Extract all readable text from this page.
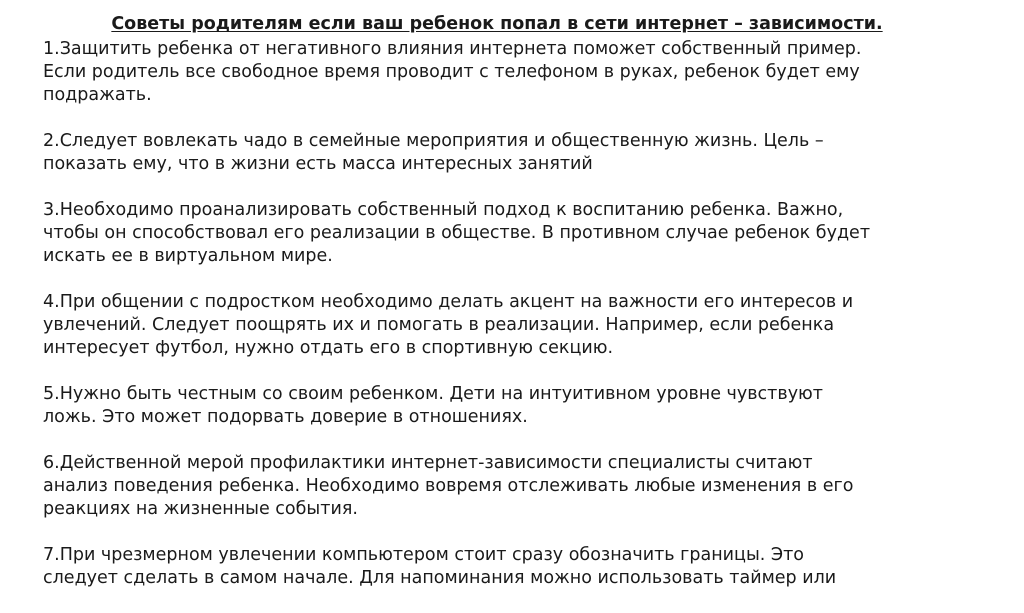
Советы родителям если ваш ребенок попал в сети интернет – зависимости.

1.Защитить ребенка от негативного влияния интернета поможет собственный пример.
Если родитель все свободное время проводит с телефоном в руках, ребенок будет ему
подражать.

2.Следует вовлекать чадо в семейные мероприятия и общественную жизнь. Цель –
показать ему, что в жизни есть масса интересных занятий

3.Необходимо проанализировать собственный подход к воспитанию ребенка. Важно,
чтобы он способствовал его реализации в обществе. В противном случае ребенок будет
искать ее в виртуальном мире.

4.При общении с подростком необходимо делать акцент на важности его интересов и
увлечений. Следует поощрять их и помогать в реализации. Например, если ребенка
интересует футбол, нужно отдать его в спортивную секцию.

5.Нужно быть честным со своим ребенком. Дети на интуитивном уровне чувствуют
ложь. Это может подорвать доверие в отношениях.

6.Действенной мерой профилактики интернет-зависимости специалисты считают
анализ поведения ребенка. Необходимо вовремя отслеживать любые изменения в его
реакциях на жизненные события.

7.При чрезмерном увлечении компьютером стоит сразу обозначить границы. Это
следует сделать в самом начале. Для напоминания можно использовать таймер или
